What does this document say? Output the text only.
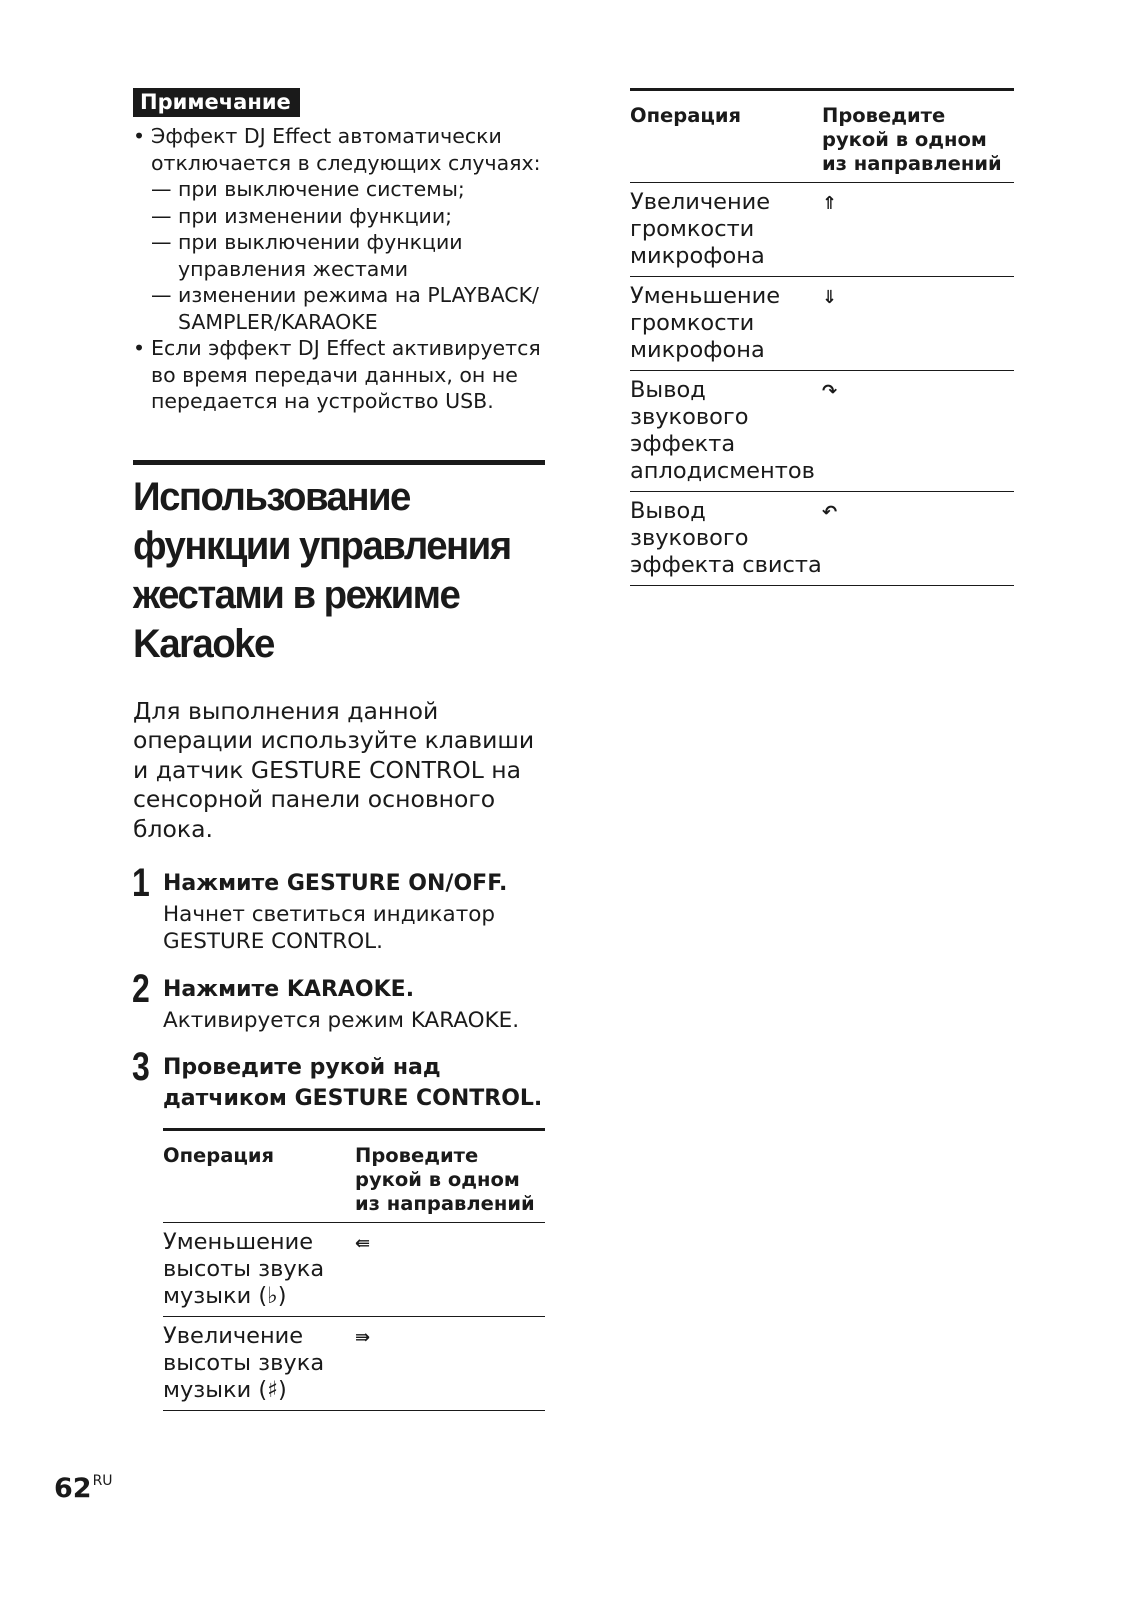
Примечание
• Эффект DJ Effect автоматически
отключается в следующих случаях:
— при выключение системы;
— при изменении функции;
— при выключении функции
управления жестами
— изменении режима на PLAYBACK/
SAMPLER/KARAOKE
• Если эффект DJ Effect активируется
во время передачи данных, он не
передается на устройство USB.
Использование
функции управления
жестами в режиме
Karaoke

Для выполнения данной
операции используйте клавиши
и датчик GESTURE CONTROL на
сенсорной панели основного
блока.

1 Нажмите GESTURE ON/OFF.
Начнет светиться индикатор
GESTURE CONTROL.
2 Нажмите KARAOKE.
Активируется режим KARAOKE.
3 Проведите рукой над
датчиком GESTURE CONTROL.
Операция	Проведите
рукой в одном
из направлений
Уменьшение
высоты звука
музыки (♭)	⇚
Увеличение
высоты звука
музыки (♯)	⇛
Операция	Проведите
рукой в одном
из направлений
Увеличение
громкости
микрофона	⇑
Уменьшение
громкости
микрофона	⇓
Вывод звукового
эффекта
аплодисментов	↷
Вывод звукового
эффекта свиста	↶
$62^{RU}$
